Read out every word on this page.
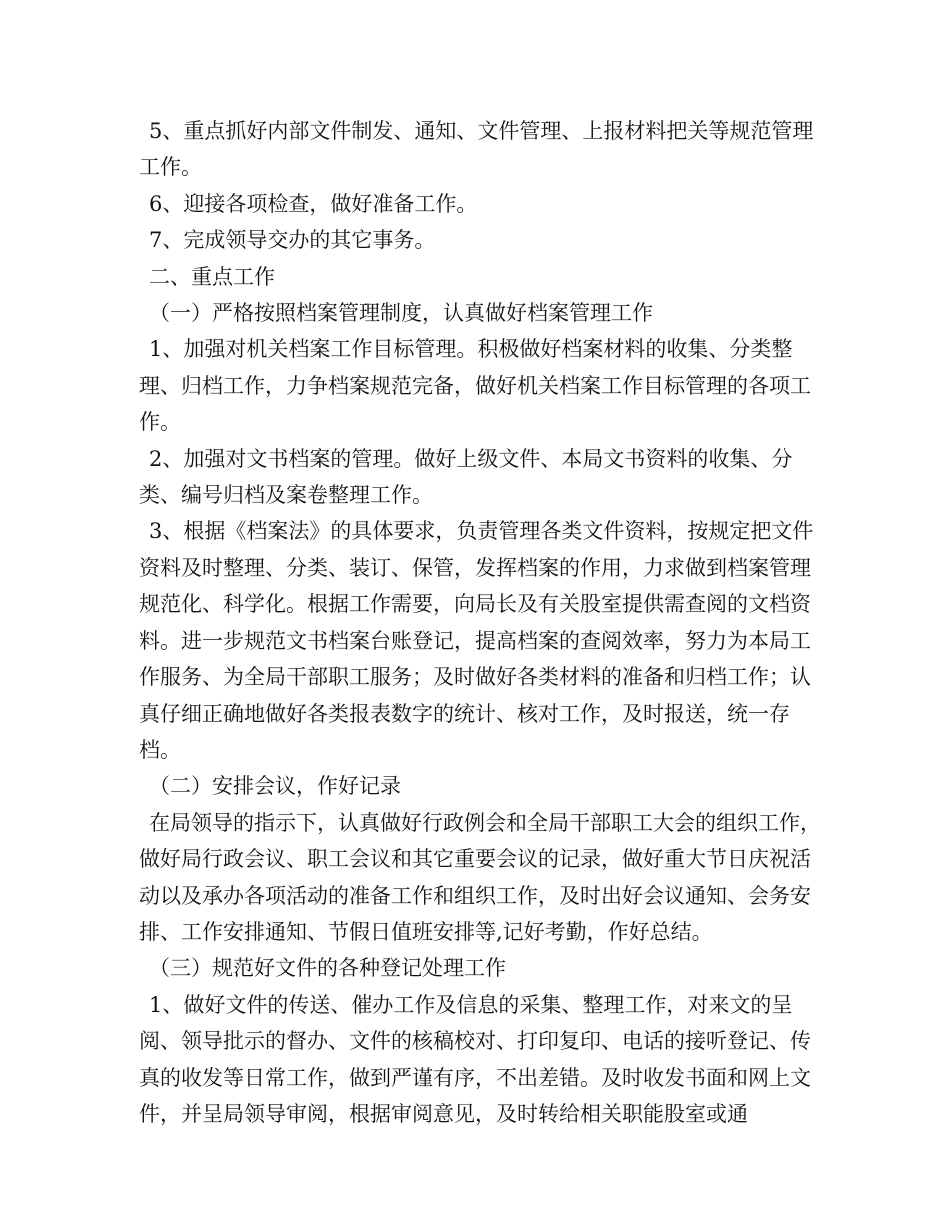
5、重点抓好内部文件制发、通知、文件管理、上报材料把关等规范管理工作。

6、迎接各项检查，做好准备工作。

7、完成领导交办的其它事务。

二、重点工作

（一）严格按照档案管理制度，认真做好档案管理工作

1、加强对机关档案工作目标管理。积极做好档案材料的收集、分类整理、归档工作，力争档案规范完备，做好机关档案工作目标管理的各项工作。

2、加强对文书档案的管理。做好上级文件、本局文书资料的收集、分类、编号归档及案卷整理工作。

3、根据《档案法》的具体要求，负责管理各类文件资料，按规定把文件资料及时整理、分类、装订、保管，发挥档案的作用，力求做到档案管理规范化、科学化。根据工作需要，向局长及有关股室提供需查阅的文档资料。进一步规范文书档案台账登记，提高档案的查阅效率，努力为本局工作服务、为全局干部职工服务；及时做好各类材料的准备和归档工作；认真仔细正确地做好各类报表数字的统计、核对工作，及时报送，统一存档。

（二）安排会议，作好记录

在局领导的指示下，认真做好行政例会和全局干部职工大会的组织工作，做好局行政会议、职工会议和其它重要会议的记录，做好重大节日庆祝活动以及承办各项活动的准备工作和组织工作，及时出好会议通知、会务安排、工作安排通知、节假日值班安排等,记好考勤，作好总结。

（三）规范好文件的各种登记处理工作

1、做好文件的传送、催办工作及信息的采集、整理工作，对来文的呈阅、领导批示的督办、文件的核稿校对、打印复印、电话的接听登记、传真的收发等日常工作，做到严谨有序，不出差错。及时收发书面和网上文件，并呈局领导审阅，根据审阅意见，及时转给相关职能股室或通
